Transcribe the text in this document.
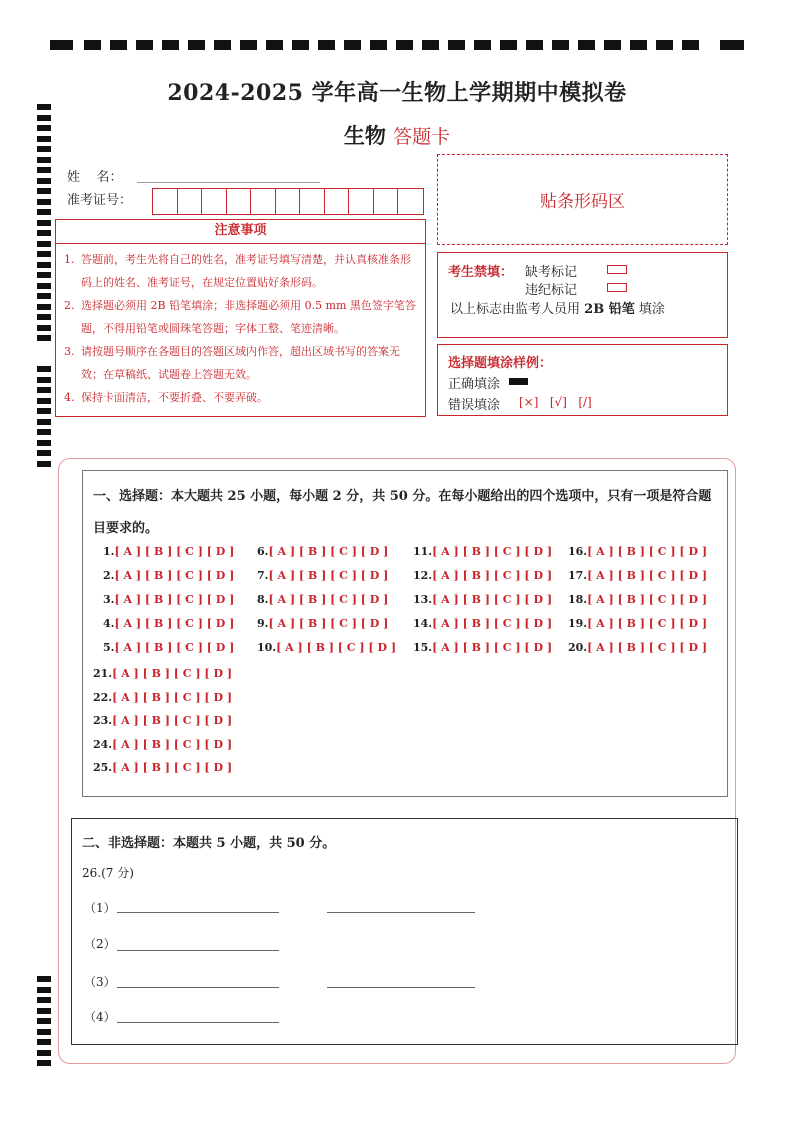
2024-2025 学年高一生物上学期期中模拟卷
生物 答题卡
姓    名：
准考证号：
注意事项
1. 答题前，考生先将自己的姓名，准考证号填写清楚，并认真核准条形码上的姓名、准考证号，在规定位置贴好条形码。
2. 选择题必须用 2B 铅笔填涂；非选择题必须用 0.5 mm 黑色签字笔答题，不得用铅笔或圆珠笔答题；字体工整、笔迹清晰。
3. 请按题号顺序在各题目的答题区域内作答，超出区域书写的答案无效；在草稿纸、试题卷上答题无效。
4. 保持卡面清洁，不要折叠、不要弄破。
贴条形码区
考生禁填： 缺考标记
违纪标记
以上标志由监考人员用 2B 铅笔 填涂
选择题填涂样例：
正确填涂
错误填涂 [×]   [√]   [/]
一、选择题：本大题共 25 小题，每小题 2 分，共 50 分。在每小题给出的四个选项中，只有一项是符合题目要求的。
1.[ A ] [ B ] [ C ] [ D ]
2.[ A ] [ B ] [ C ] [ D ]
3.[ A ] [ B ] [ C ] [ D ]
4.[ A ] [ B ] [ C ] [ D ]
5.[ A ] [ B ] [ C ] [ D ]
6.[ A ] [ B ] [ C ] [ D ]
7.[ A ] [ B ] [ C ] [ D ]
8.[ A ] [ B ] [ C ] [ D ]
9.[ A ] [ B ] [ C ] [ D ]
10.[ A ] [ B ] [ C ] [ D ]
11.[ A ] [ B ] [ C ] [ D ]
12.[ A ] [ B ] [ C ] [ D ]
13.[ A ] [ B ] [ C ] [ D ]
14.[ A ] [ B ] [ C ] [ D ]
15.[ A ] [ B ] [ C ] [ D ]
16.[ A ] [ B ] [ C ] [ D ]
17.[ A ] [ B ] [ C ] [ D ]
18.[ A ] [ B ] [ C ] [ D ]
19.[ A ] [ B ] [ C ] [ D ]
20.[ A ] [ B ] [ C ] [ D ]
21.[ A ] [ B ] [ C ] [ D ]
22.[ A ] [ B ] [ C ] [ D ]
23.[ A ] [ B ] [ C ] [ D ]
24.[ A ] [ B ] [ C ] [ D ]
25.[ A ] [ B ] [ C ] [ D ]
二、非选择题：本题共 5 小题，共 50 分。
26.(7 分)
（1）
（2）
（3）
（4）
